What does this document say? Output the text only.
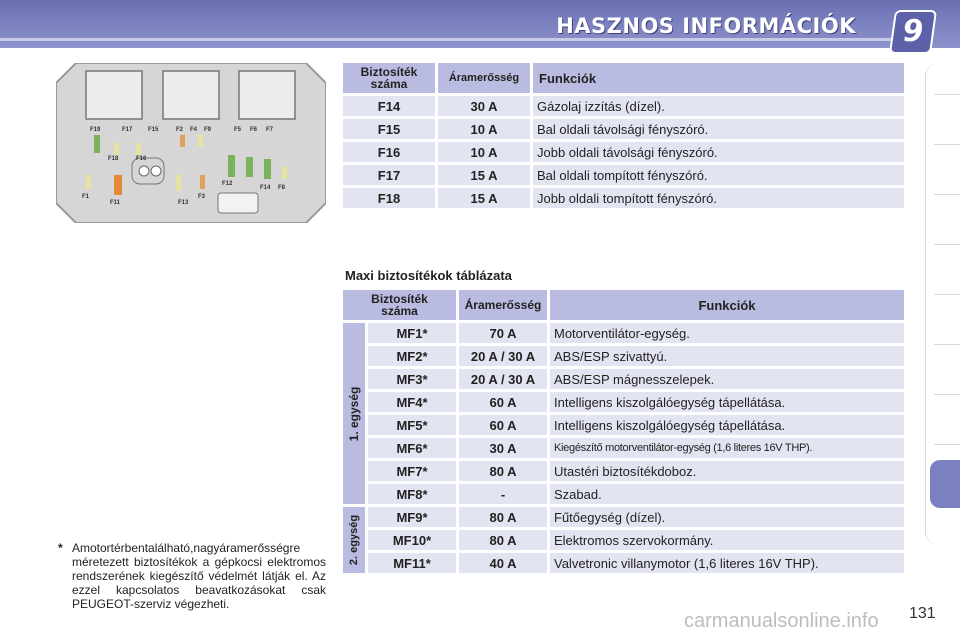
HASZNOS INFORMÁCIÓK	9
F19	F17	F15	F2 F4 F9	F5 F6 F7
F18	F16
F12
F14 F8
F1
F11	F13
F3
Biztosíték száma	Áramerősség	Funkciók
F14	30 A	Gázolaj izzítás (dízel).
F15	10 A	Bal oldali távolsági fényszóró.
F16	10 A	Jobb oldali távolsági fényszóró.
F17	15 A	Bal oldali tompított fényszóró.
F18	15 A	Jobb oldali tompított fényszóró.
Maxi biztosítékok táblázata
Biztosíték száma		Áramerősség	Funkciók

1. egység	MF1*	70 A	Motorventilátor-egység.
	MF2*	20 A / 30 A	ABS/ESP szivattyú.
	MF3*	20 A / 30 A	ABS/ESP mágnesszelepek.
	MF4*	60 A	Intelligens kiszolgálóegység tápellátása.
	MF5*	60 A	Intelligens kiszolgálóegység tápellátása.
	MF6*	30 A	Kiegészítő motorventilátor-egység (1,6 literes 16V THP).
	MF7*	80 A	Utastéri biztosítékdoboz.
	MF8*	-	Szabad.

2. egység	MF9*	80 A	Fűtőegység (dízel).
	MF10*	80 A	Elektromos szervokormány.
	MF11*	40 A	Valvetronic villanymotor (1,6 literes 16V THP).
* Amotortérbentalálható,nagyáramerősségre méretezett biztosítékok a gépkocsi elektromos rendszerének kiegészítő védelmét látják el. Az ezzel kapcsolatos beavatkozásokat csak PEUGEOT-szerviz végezheti.
carmanualsonline.info 131
